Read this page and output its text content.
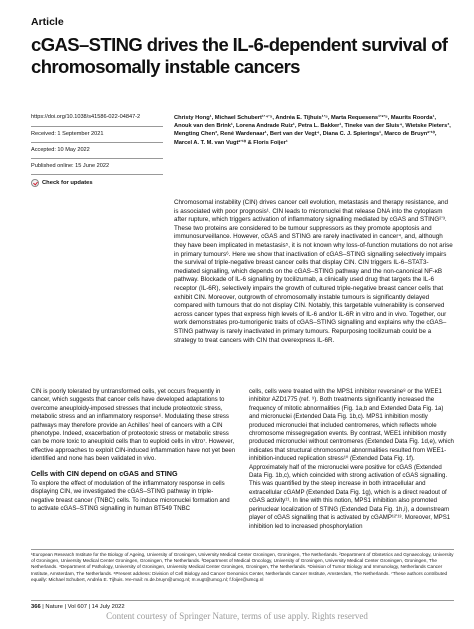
Article
cGAS–STING drives the IL-6-dependent survival of chromosomally instable cancers
https://doi.org/10.1038/s41586-022-04847-2
Received: 1 September 2021
Accepted: 10 May 2022
Published online: 15 June 2022
Check for updates
Christy Hong¹, Michael Schubert¹ʼ⁴ʼ⁵, Andréa E. Tijhuis¹ʼ⁵, Marta Requesens¹ʼ²ʼ⁵, Maurits Roorda¹, Anouk van den Brink¹, Lorena Andrade Ruiz¹, Petra L. Bakker¹, Tineke van der Sluis⁴, Wietske Pieters³, Mengting Chen³, René Wardenaar¹, Bert van der Vegt⁴, Diana C. J. Spierings¹, Marco de Bruyn²ʼ¹⁰, Marcel A. T. M. van Vugt²ʼ¹⁰ & Floris Foijer¹
Chromosomal instability (CIN) drives cancer cell evolution, metastasis and therapy resistance, and is associated with poor prognosis¹. CIN leads to micronuclei that release DNA into the cytoplasm after rupture, which triggers activation of inflammatory signalling mediated by cGAS and STING²ʼ³. These two proteins are considered to be tumour suppressors as they promote apoptosis and immunosurveillance. However, cGAS and STING are rarely inactivated in cancer⁴, and, although they have been implicated in metastasis⁵, it is not known why loss-of-function mutations do not arise in primary tumours⁶. Here we show that inactivation of cGAS–STING signalling selectively impairs the survival of triple-negative breast cancer cells that display CIN. CIN triggers IL-6–STAT3-mediated signalling, which depends on the cGAS–STING pathway and the non-canonical NF-κB pathway. Blockade of IL-6 signalling by tocilizumab, a clinically used drug that targets the IL-6 receptor (IL-6R), selectively impairs the growth of cultured triple-negative breast cancer cells that exhibit CIN. Moreover, outgrowth of chromosomally instable tumours is significantly delayed compared with tumours that do not display CIN. Notably, this targetable vulnerability is conserved across cancer types that express high levels of IL-6 and/or IL-6R in vitro and in vivo. Together, our work demonstrates pro-tumorigenic traits of cGAS–STING signalling and explains why the cGAS–STING pathway is rarely inactivated in primary tumours. Repurposing tocilizumab could be a strategy to treat cancers with CIN that overexpress IL-6R.

CIN is poorly tolerated by untransformed cells, yet occurs frequently in cancer, which suggests that cancer cells have developed adaptations to overcome aneuploidy-imposed stresses that include proteotoxic stress, metabolic stress and an inflammatory response⁶. Modulating these stress pathways may therefore provide an Achilles’ heel of cancers with a CIN phenotype. Indeed, exacerbation of proteotoxic stress or metabolic stress can be more toxic to aneuploid cells than to euploid cells in vitro⁷. However, effective approaches to exploit CIN-induced inflammation have not yet been identified and none has been validated in vivo.

Cells with CIN depend on cGAS and STING

To explore the effect of modulation of the inflammatory response in cells displaying CIN, we investigated the cGAS–STING pathway in triple-negative breast cancer (TNBC) cells. To induce micronuclei formation and to activate cGAS–STING signalling in human BT549 TNBC

cells, cells were treated with the MPS1 inhibitor reversine⁸ or the WEE1 inhibitor AZD1775 (ref. ⁹). Both treatments significantly increased the frequency of mitotic abnormalities (Fig. 1a,b and Extended Data Fig. 1a) and micronuclei (Extended Data Fig. 1b,c). MPS1 inhibition mostly produced micronuclei that included centromeres, which reflects whole chromosome missegregation events. By contrast, WEE1 inhibition mostly produced micronuclei without centromeres (Extended Data Fig. 1d,e), which indicates that structural chromosomal abnormalities resulted from WEE1-inhibition-induced replication stress¹⁰ (Extended Data Fig. 1f). Approximately half of the micronuclei were positive for cGAS (Extended Data Fig. 1b,c), which coincided with strong activation of cGAS signalling. This was quantified by the steep increase in both intracellular and extracellular cGAMP (Extended Data Fig. 1g), which is a direct readout of cGAS activity¹¹. In line with this notion, MPS1 inhibition also promoted perinuclear localization of STING (Extended Data Fig. 1h,i), a downstream player of cGAS signalling that is activated by cGAMP¹²ʼ¹³. Moreover, MPS1 inhibition led to increased phosphorylation

¹European Research Institute for the Biology of Ageing, University of Groningen, University Medical Center Groningen, Groningen, The Netherlands. ²Department of Obstetrics and Gynaecology, University of Groningen, University Medical Center Groningen, Groningen, The Netherlands. ³Department of Medical Oncology, University of Groningen, University Medical Center Groningen, Groningen, The Netherlands. ⁴Department of Pathology, University of Groningen, University Medical Center Groningen, Groningen, The Netherlands. ⁵Division of Tumor Biology and Immunology, Netherlands Cancer Institute, Amsterdam, The Netherlands. ⁶Present address: Division of Cell Biology and Cancer Genomics Center, Netherlands Cancer Institute, Amsterdam, The Netherlands. ⁷These authors contributed equally: Michael Schubert, Andréa E. Tijhuis. ✉e-mail: m.de.bruyn@umcg.nl; m.vugt@umcg.nl; f.foijer@umcg.nl
366 | Nature | Vol 607 | 14 July 2022
Content courtesy of Springer Nature, terms of use apply. Rights reserved
